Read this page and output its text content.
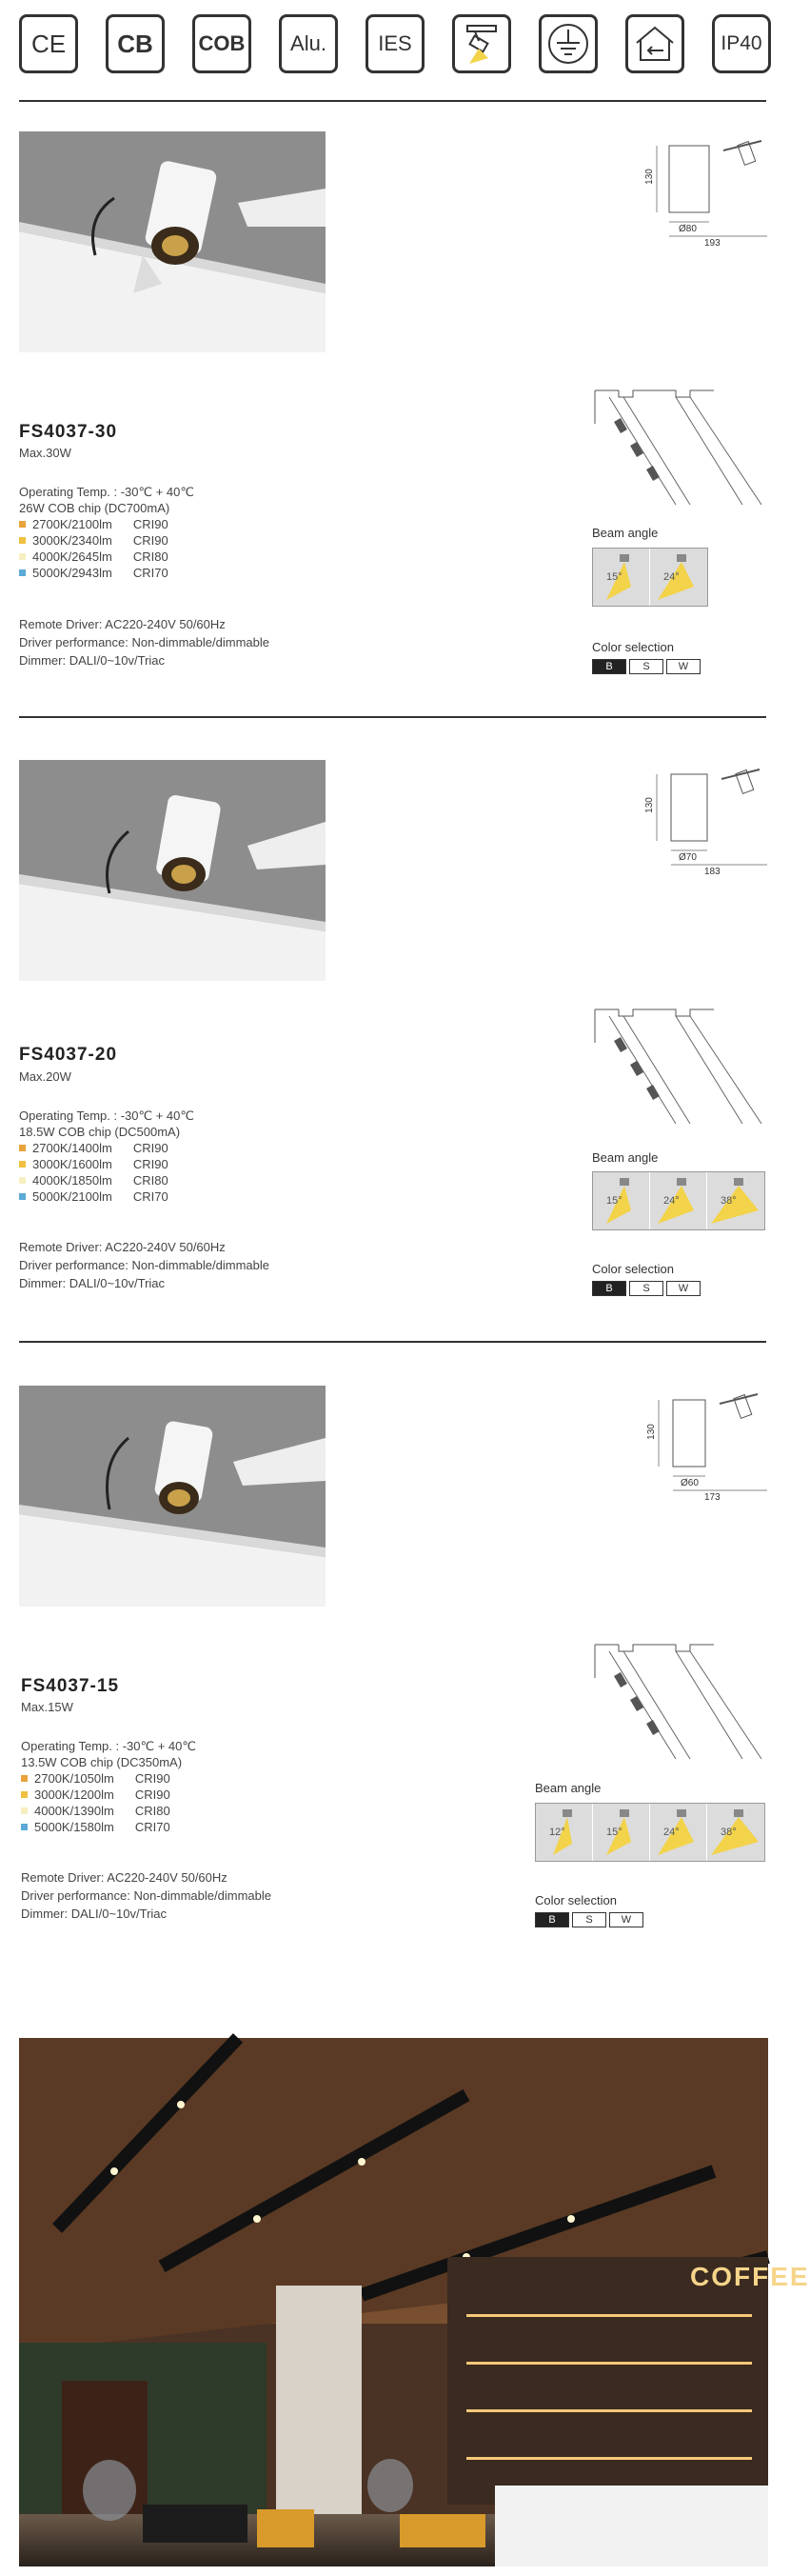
CE	CB	COB	Alu.	IES	IP40
130
Ø80
193
FS4037-30
Max.30W
Operating Temp. : -30℃ + 40℃
26W COB chip (DC700mA)
2700K/2100lm CRI90
3000K/2340lm CRI90
4000K/2645lm CRI80
5000K/2943lm CRI70
Remote Driver: AC220-240V 50/60Hz
Driver performance: Non-dimmable/dimmable
Dimmer: DALI/0~10v/Triac
Beam angle
15°	24°
Color selection
B	S	W
130
Ø70
183
FS4037-20
Max.20W
Operating Temp. : -30℃ + 40℃
18.5W COB chip (DC500mA)
2700K/1400lm CRI90
3000K/1600lm CRI90
4000K/1850lm CRI80
5000K/2100lm CRI70
Remote Driver: AC220-240V 50/60Hz
Driver performance: Non-dimmable/dimmable
Dimmer: DALI/0~10v/Triac
Beam angle
15°	24°	38°
Color selection
B	S	W
130
Ø60
173
FS4037-15
Max.15W
Operating Temp. : -30℃ + 40℃
13.5W COB chip (DC350mA)
2700K/1050lm CRI90
3000K/1200lm CRI90
4000K/1390lm CRI80
5000K/1580lm CRI70
Remote Driver: AC220-240V 50/60Hz
Driver performance: Non-dimmable/dimmable
Dimmer: DALI/0~10v/Triac
Beam angle
12°	15°	24°	38°
Color selection
B	S	W
COFFEE
